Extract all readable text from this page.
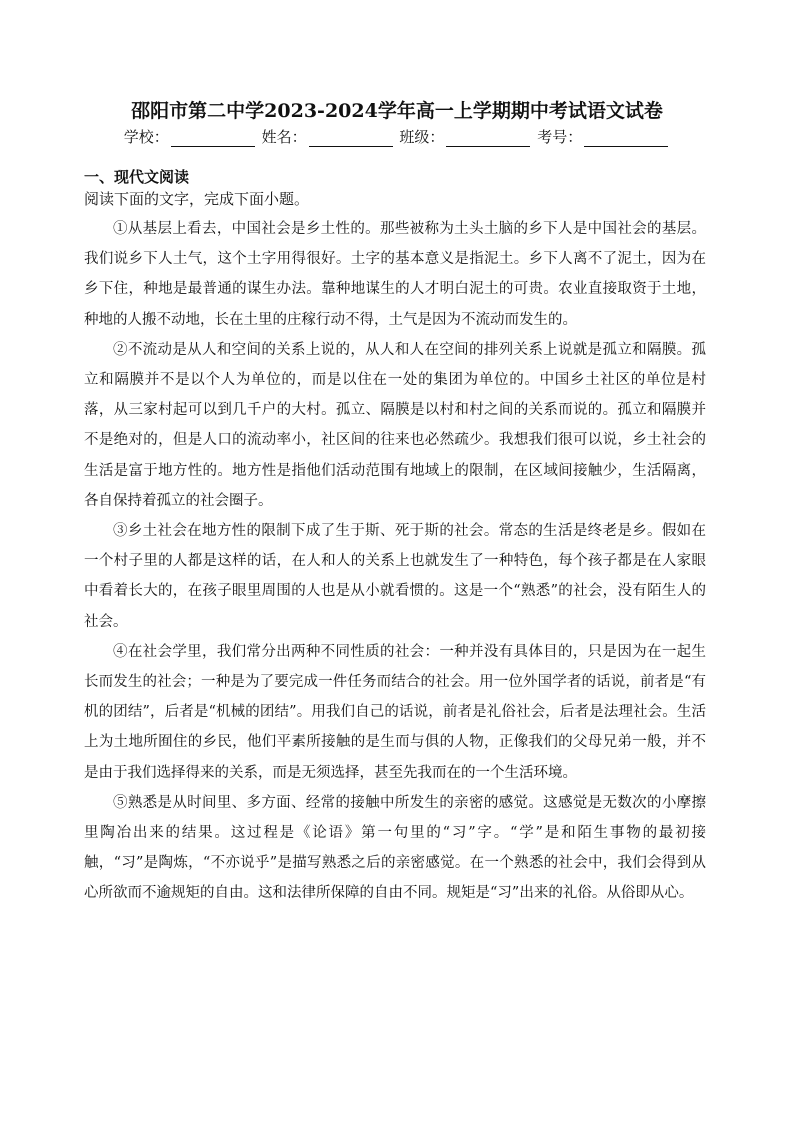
邵阳市第二中学2023-2024学年高一上学期期中考试语文试卷
学校：	姓名：	班级：	考号：
一、现代文阅读
阅读下面的文字，完成下面小题。

①从基层上看去，中国社会是乡土性的。那些被称为土头土脑的乡下人是中国社会的基层。我们说乡下人土气，这个土字用得很好。土字的基本意义是指泥土。乡下人离不了泥土，因为在乡下住，种地是最普通的谋生办法。靠种地谋生的人才明白泥土的可贵。农业直接取资于土地，种地的人搬不动地，长在土里的庄稼行动不得，土气是因为不流动而发生的。

②不流动是从人和空间的关系上说的，从人和人在空间的排列关系上说就是孤立和隔膜。孤立和隔膜并不是以个人为单位的，而是以住在一处的集团为单位的。中国乡土社区的单位是村落，从三家村起可以到几千户的大村。孤立、隔膜是以村和村之间的关系而说的。孤立和隔膜并不是绝对的，但是人口的流动率小，社区间的往来也必然疏少。我想我们很可以说，乡土社会的生活是富于地方性的。地方性是指他们活动范围有地域上的限制，在区域间接触少，生活隔离，各自保持着孤立的社会圈子。

③乡土社会在地方性的限制下成了生于斯、死于斯的社会。常态的生活是终老是乡。假如在一个村子里的人都是这样的话，在人和人的关系上也就发生了一种特色，每个孩子都是在人家眼中看着长大的，在孩子眼里周围的人也是从小就看惯的。这是一个“熟悉”的社会，没有陌生人的社会。

④在社会学里，我们常分出两种不同性质的社会：一种并没有具体目的，只是因为在一起生长而发生的社会；一种是为了要完成一件任务而结合的社会。用一位外国学者的话说，前者是“有机的团结”，后者是“机械的团结”。用我们自己的话说，前者是礼俗社会，后者是法理社会。生活上为土地所囿住的乡民，他们平素所接触的是生而与俱的人物，正像我们的父母兄弟一般，并不是由于我们选择得来的关系，而是无须选择，甚至先我而在的一个生活环境。

⑤熟悉是从时间里、多方面、经常的接触中所发生的亲密的感觉。这感觉是无数次的小摩擦里陶冶出来的结果。这过程是《论语》第一句里的“习”字。“学”是和陌生事物的最初接触，“习”是陶炼，“不亦说乎”是描写熟悉之后的亲密感觉。在一个熟悉的社会中，我们会得到从心所欲而不逾规矩的自由。这和法律所保障的自由不同。规矩是“习”出来的礼俗。从俗即从心。
